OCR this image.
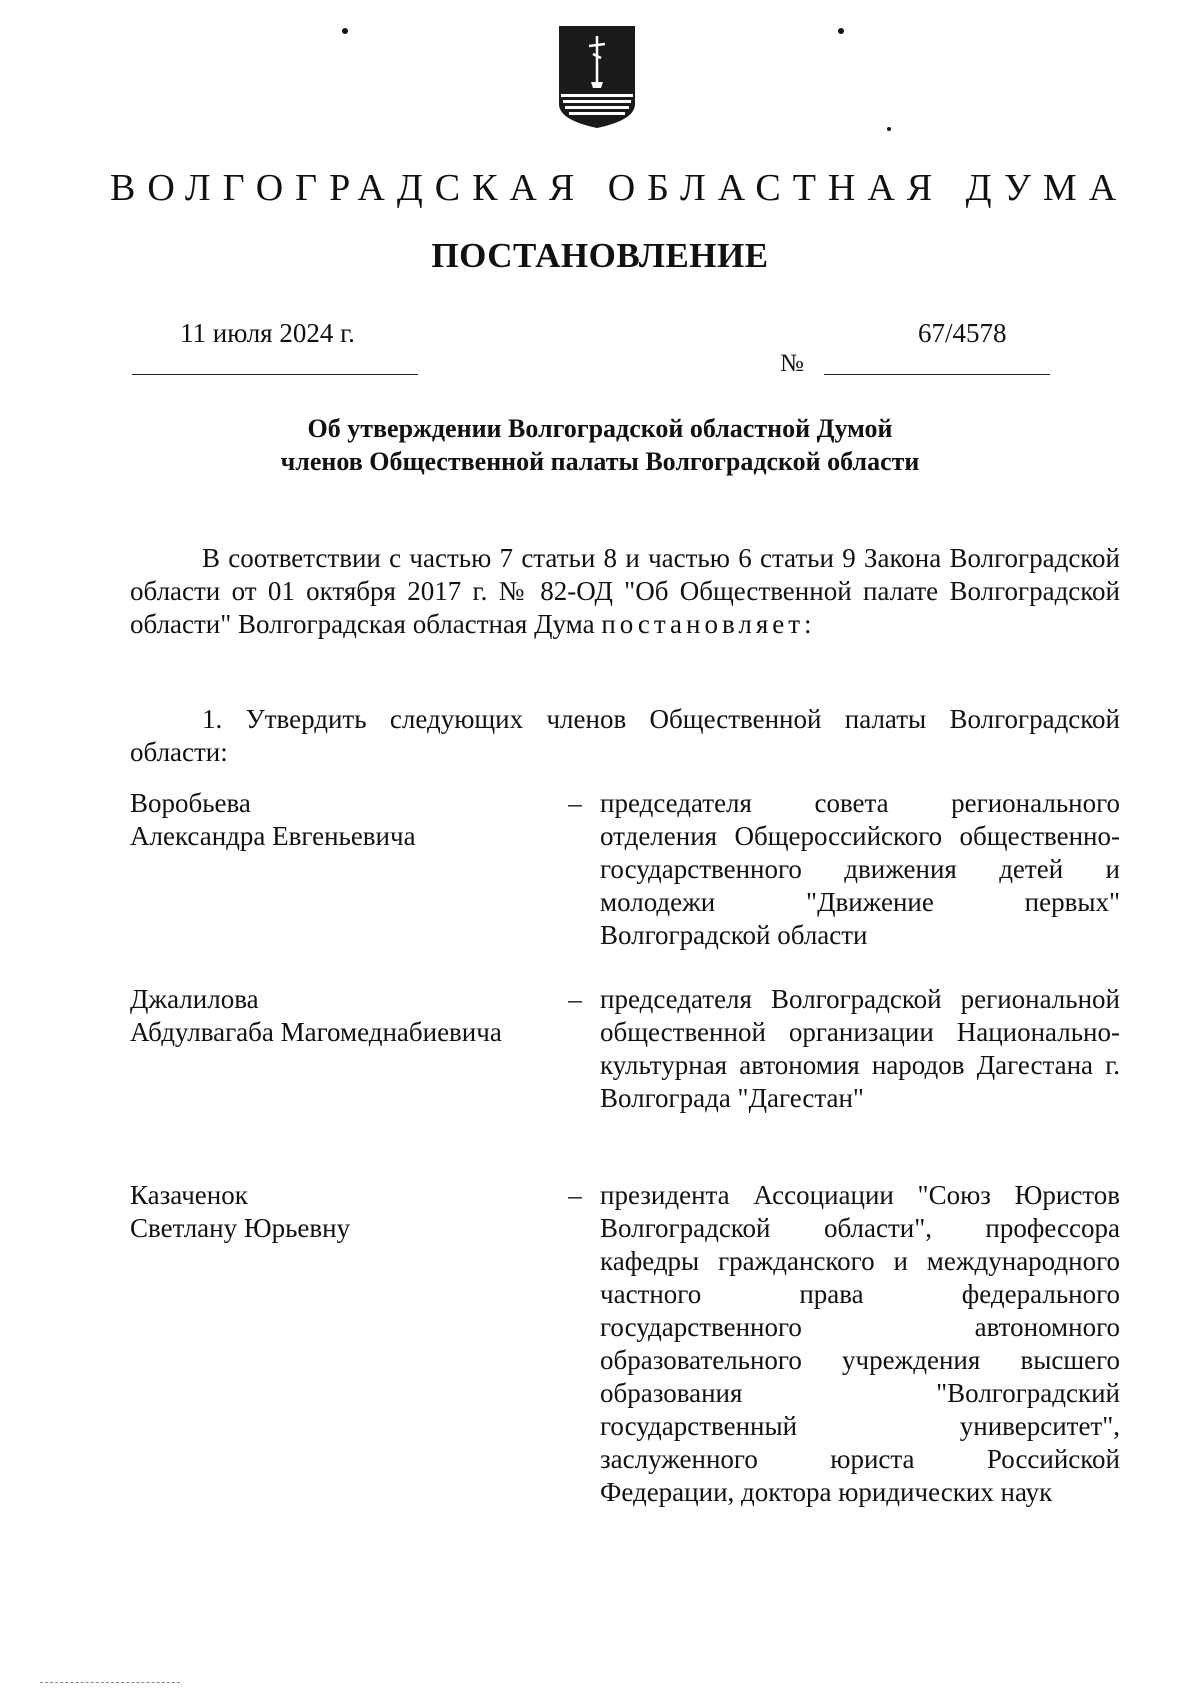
ВОЛГОГРАДСКАЯ ОБЛАСТНАЯ ДУМА
ПОСТАНОВЛЕНИЕ
11 июля 2024 г.
№
67/4578
Об утверждении Волгоградской областной Думой
членов Общественной палаты Волгоградской области
В соответствии с частью 7 статьи 8 и частью 6 статьи 9 Закона Волгоградской области от 01 октября 2017 г. № 82-ОД "Об Общественной палате Волгоградской области" Волгоградская областная Дума постановляет:
1. Утвердить следующих членов Общественной палаты Волгоградской области:
Воробьева
Александра Евгеньевича
– председателя совета регионального отделения Общероссийского общественно-государственного движения детей и молодежи "Движение первых" Волгоградской области
Джалилова
Абдулвагаба Магомеднабиевича
– председателя Волгоградской региональной общественной организации Национально-культурная автономия народов Дагестана г. Волгограда "Дагестан"
Казаченок
Светлану Юрьевну
– президента Ассоциации "Союз Юристов Волгоградской области", профессора кафедры гражданского и международного частного права федерального государственного автономного образовательного учреждения высшего образования "Волгоградский государственный университет", заслуженного юриста Российской Федерации, доктора юридических наук
